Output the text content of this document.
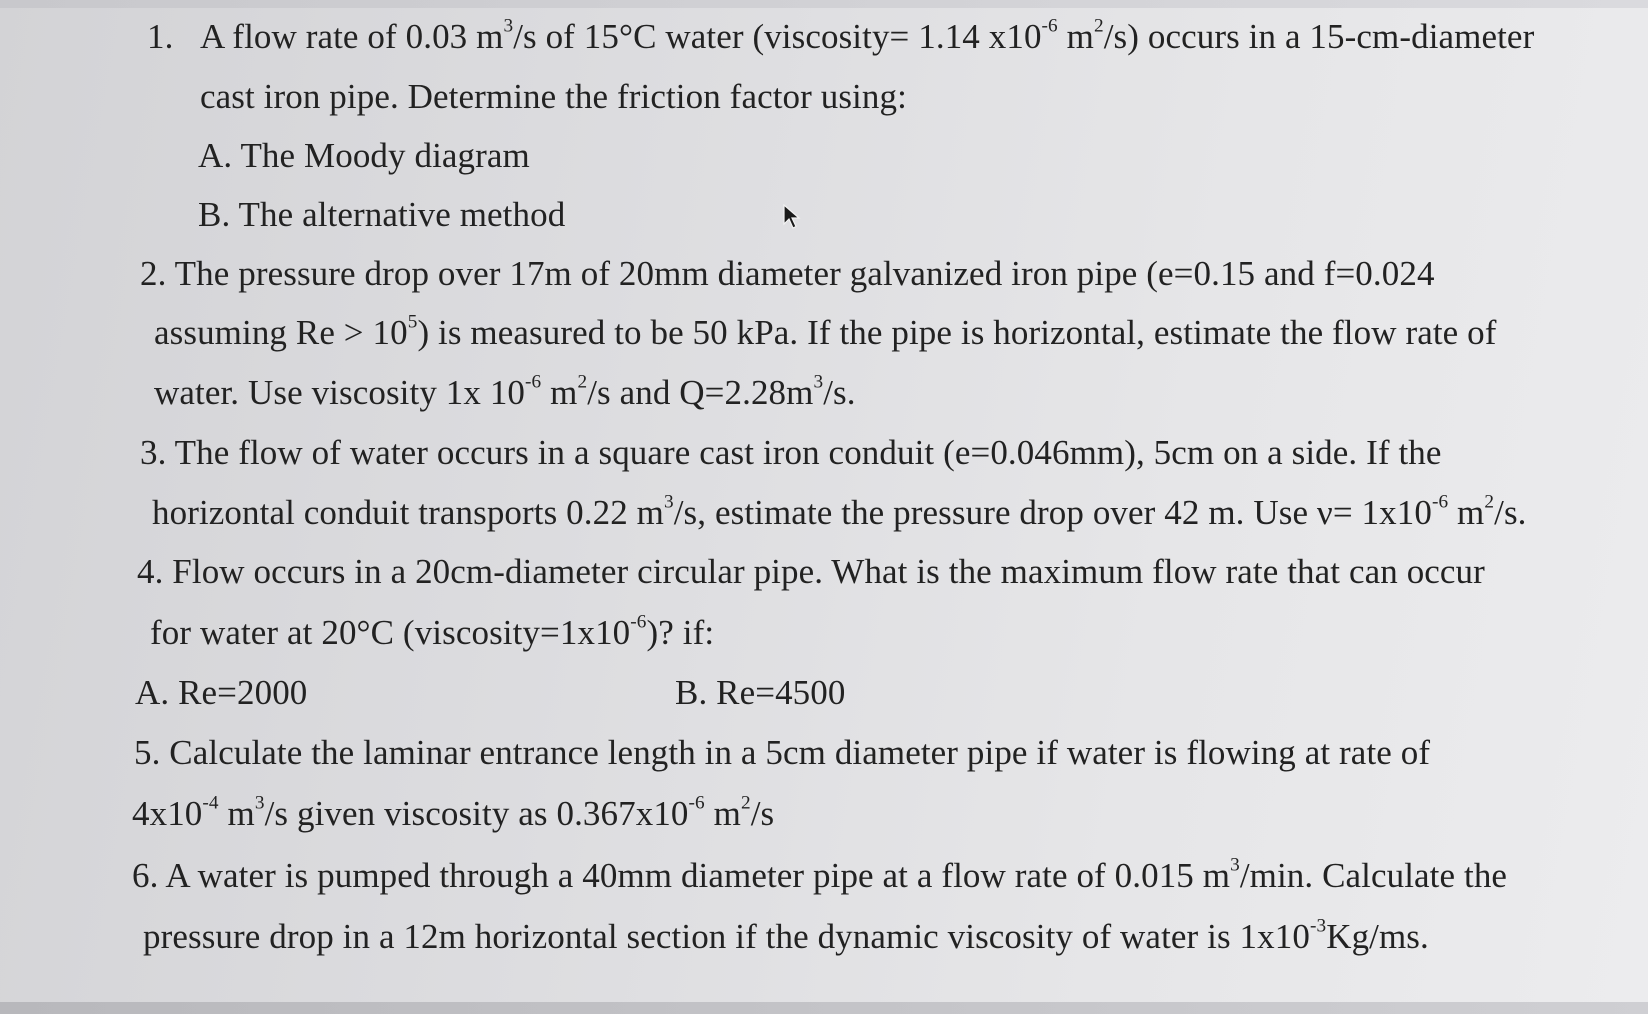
1. A flow rate of 0.03 $m^3/s$ of 15°C water (viscosity= 1.14 $x10^{-6}$ $m^2/s$) occurs in a 15-cm-diameter
cast iron pipe. Determine the friction factor using:
A. The Moody diagram
B. The alternative method
2. The pressure drop over 17m of 20mm diameter galvanized iron pipe (e=0.15 and f=0.024
assuming $Re > 10^5$) is measured to be 50 kPa. If the pipe is horizontal, estimate the flow rate of
water. Use viscosity 1x $10^{-6}$ $m^2/s$ and $Q=2.28m^3/s$.
3. The flow of water occurs in a square cast iron conduit (e=0.046mm), 5cm on a side. If the
horizontal conduit transports 0.22 $m^3/s$, estimate the pressure drop over 42 m. Use $\nu= 1x10^{-6}$ $m^2/s$.
4. Flow occurs in a 20cm-diameter circular pipe. What is the maximum flow rate that can occur
for water at 20°C $(viscosity=1x10^{-6})$? if:
A. Re=2000	B. Re=4500
5. Calculate the laminar entrance length in a 5cm diameter pipe if water is flowing at rate of
$4x10^{-4}$ $m^3/s$ given viscosity as $0.367x10^{-6}$ $m^2/s$
6. A water is pumped through a 40mm diameter pipe at a flow rate of 0.015 $m^3/\min$. Calculate the
pressure drop in a 12m horizontal section if the dynamic viscosity of water is $1x10^{-3}Kg/ms$.
